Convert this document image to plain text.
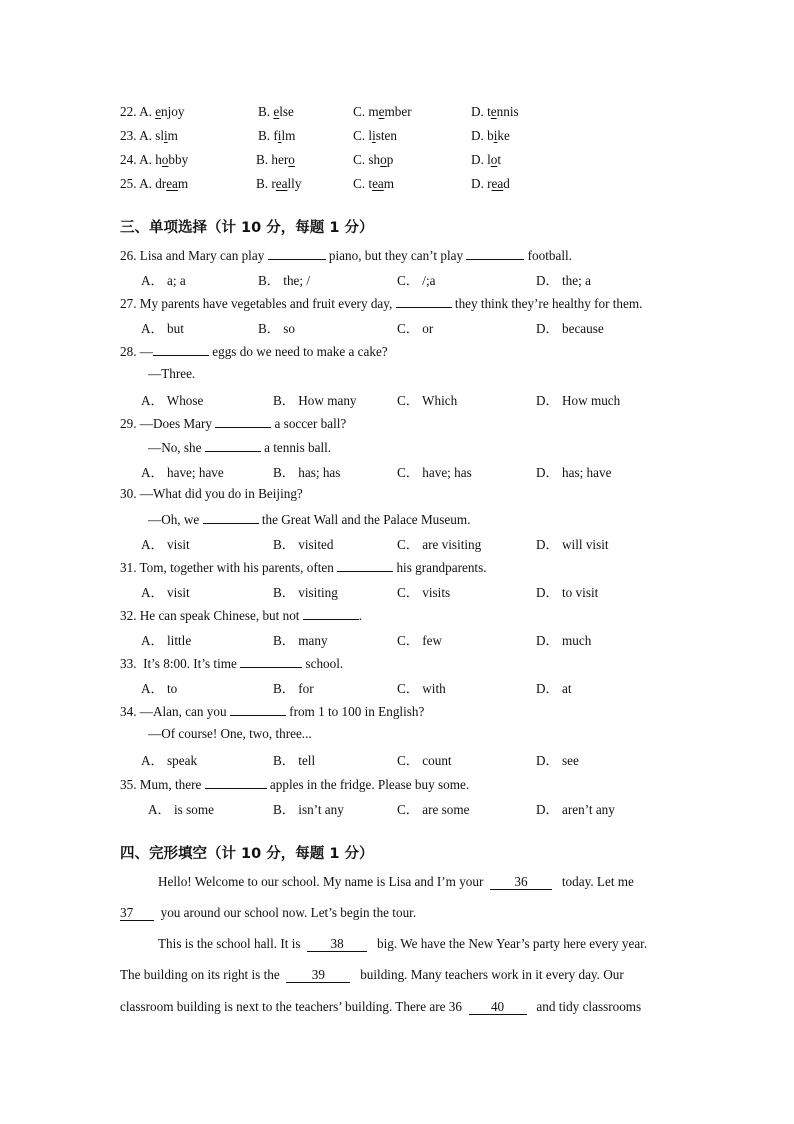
22. A. enjoy	B. else	C. member	D. tennis
23. A. slim	B. film	C. listen	D. bike
24. A. hobby	B. hero	C. shop	D. lot
25. A. dream	B. really	C. team	D. read
三、单项选择（计 10 分，每题 1 分）
26. Lisa and Mary can play	piano, but they can’t play	football.
A． a; a	B． the; /	C． /;a	D． the; a
27. My parents have vegetables and fruit every day,	they think they’re healthy for them.
A． but	B． so	C． or	D． because
28. —	eggs do we need to make a cake?
—Three.
A． Whose	B． How many	C． Which	D． How much
29. —Does Mary	a soccer ball?
—No, she	a tennis ball.
A． have; have	B． has; has	C． have; has	D． has; have
30. —What did you do in Beijing?
—Oh, we	the Great Wall and the Palace Museum.
A． visit	B． visited	C． are visiting	D． will visit
31. Tom, together with his parents, often	his grandparents.
A． visit	B． visiting	C． visits	D． to visit
32. He can speak Chinese, but not	.
A． little	B． many	C． few	D． much
33. It’s 8:00. It’s time	school.
A． to	B． for	C． with	D． at
34. —Alan, can you	from 1 to 100 in English?
—Of course! One, two, three...
A． speak	B． tell	C． count	D． see
35. Mum, there	apples in the fridge. Please buy some.
A． is some	B． isn’t any	C． are some	D． aren’t any
四、完形填空（计 10 分，每题 1 分）
Hello! Welcome to our school. My name is Lisa and I’m your 36	today. Let me
37 you around our school now. Let’s begin the tour.
This is the school hall. It is 38	big. We have the New Year’s party here every year.
The building on its right is the 39	building. Many teachers work in it every day. Our
classroom building is next to the teachers’ building. There are 36 40 and tidy classrooms
